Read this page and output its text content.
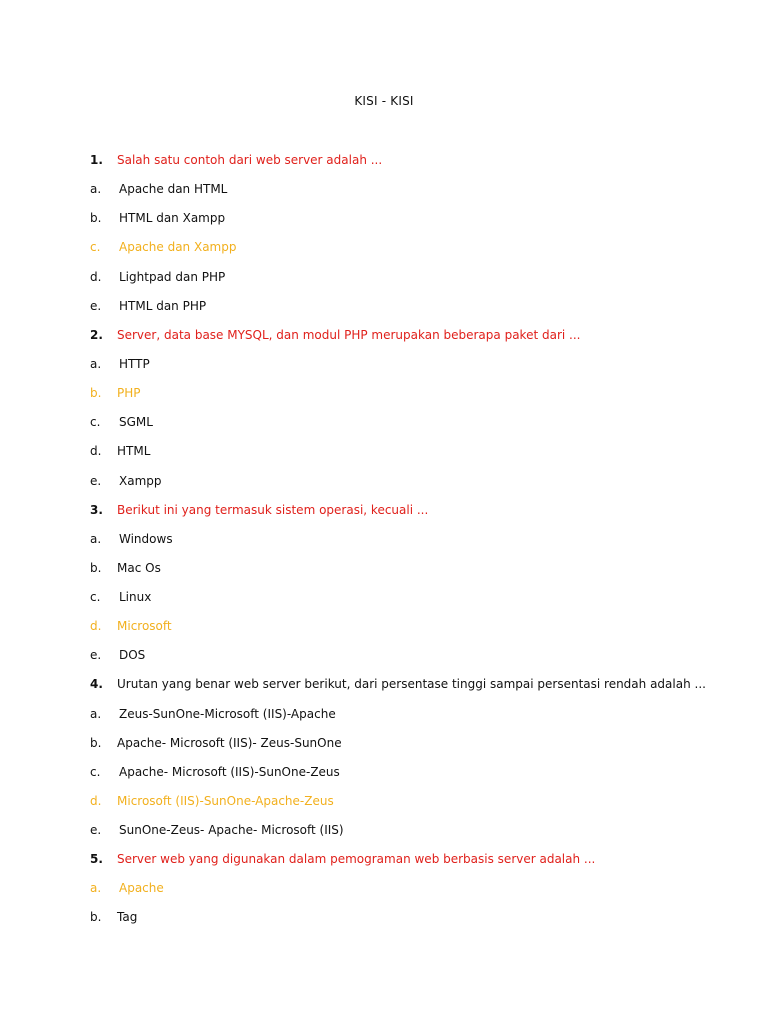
KISI - KISI
1.	Salah satu contoh dari web server adalah ...
a.	Apache dan HTML
b.	HTML dan Xampp
c.	Apache dan Xampp
d.	Lightpad dan PHP
e.	HTML dan PHP
2.	Server, data base MYSQL, dan modul PHP merupakan beberapa paket dari ...
a.	HTTP
b.	PHP
c.	SGML
d.	HTML
e.	Xampp
3.	Berikut ini yang termasuk sistem operasi, kecuali ...
a.	Windows
b.	Mac Os
c.	Linux
d.	Microsoft
e.	DOS
4.	Urutan yang benar web server berikut, dari persentase tinggi sampai persentasi rendah adalah ...
a.	Zeus-SunOne-Microsoft (IIS)-Apache
b.	Apache- Microsoft (IIS)- Zeus-SunOne
c.	Apache- Microsoft (IIS)-SunOne-Zeus
d.	Microsoft (IIS)-SunOne-Apache-Zeus
e.	SunOne-Zeus- Apache- Microsoft (IIS)
5.	Server web yang digunakan dalam pemograman web berbasis server adalah ...
a.	Apache
b.	Tag
